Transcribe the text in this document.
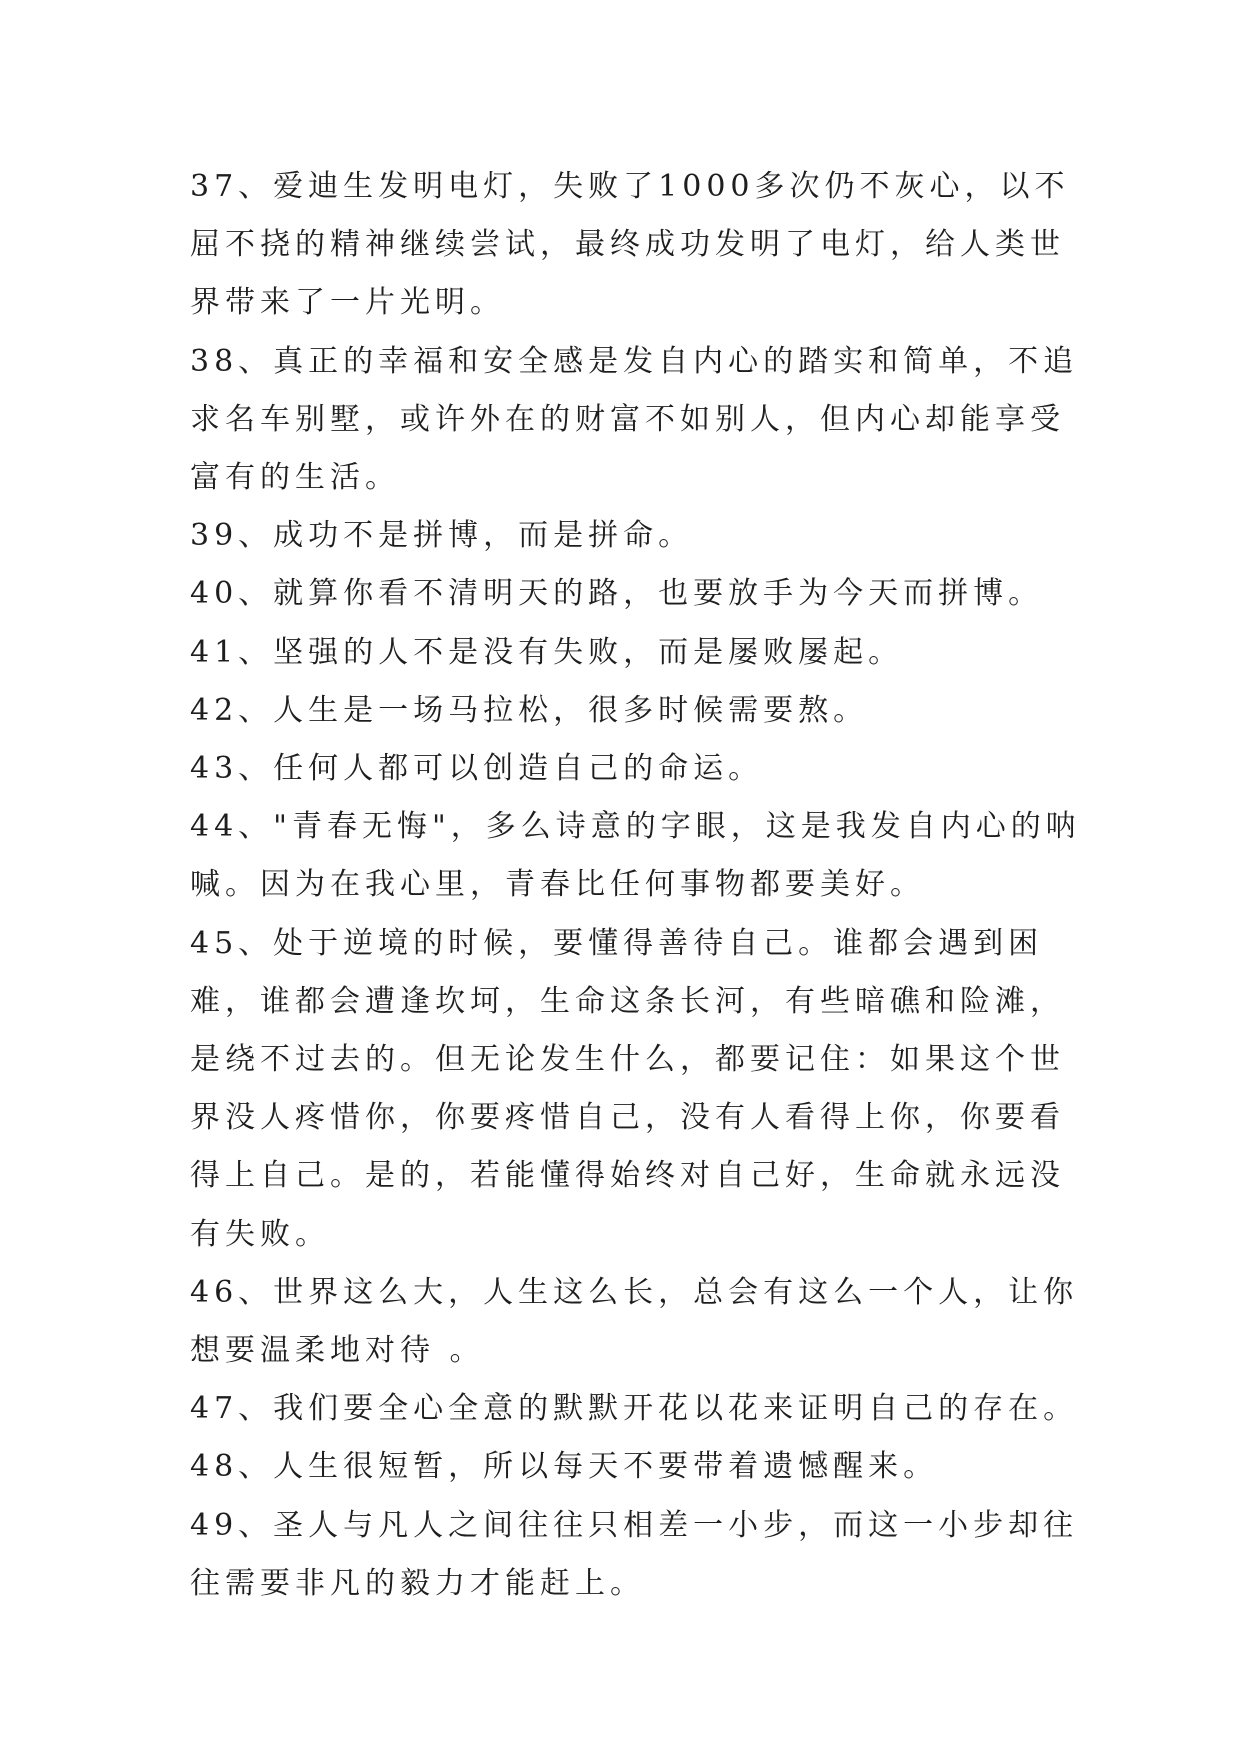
37、爱迪生发明电灯，失败了1000多次仍不灰心，以不屈不挠的精神继续尝试，最终成功发明了电灯，给人类世界带来了一片光明。

38、真正的幸福和安全感是发自内心的踏实和简单，不追求名车别墅，或许外在的财富不如别人，但内心却能享受富有的生活。

39、成功不是拼博，而是拼命。

40、就算你看不清明天的路，也要放手为今天而拼博。

41、坚强的人不是没有失败，而是屡败屡起。

42、人生是一场马拉松，很多时候需要熬。

43、任何人都可以创造自己的命运。

44、"青春无悔"，多么诗意的字眼，这是我发自内心的呐喊。因为在我心里，青春比任何事物都要美好。

45、处于逆境的时候，要懂得善待自己。谁都会遇到困难，谁都会遭逢坎坷，生命这条长河，有些暗礁和险滩，是绕不过去的。但无论发生什么，都要记住：如果这个世界没人疼惜你，你要疼惜自己，没有人看得上你，你要看得上自己。是的，若能懂得始终对自己好，生命就永远没有失败。

46、世界这么大，人生这么长，总会有这么一个人，让你想要温柔地对待 。

47、我们要全心全意的默默开花以花来证明自己的存在。

48、人生很短暂，所以每天不要带着遗憾醒来。

49、圣人与凡人之间往往只相差一小步，而这一小步却往往需要非凡的毅力才能赶上。
